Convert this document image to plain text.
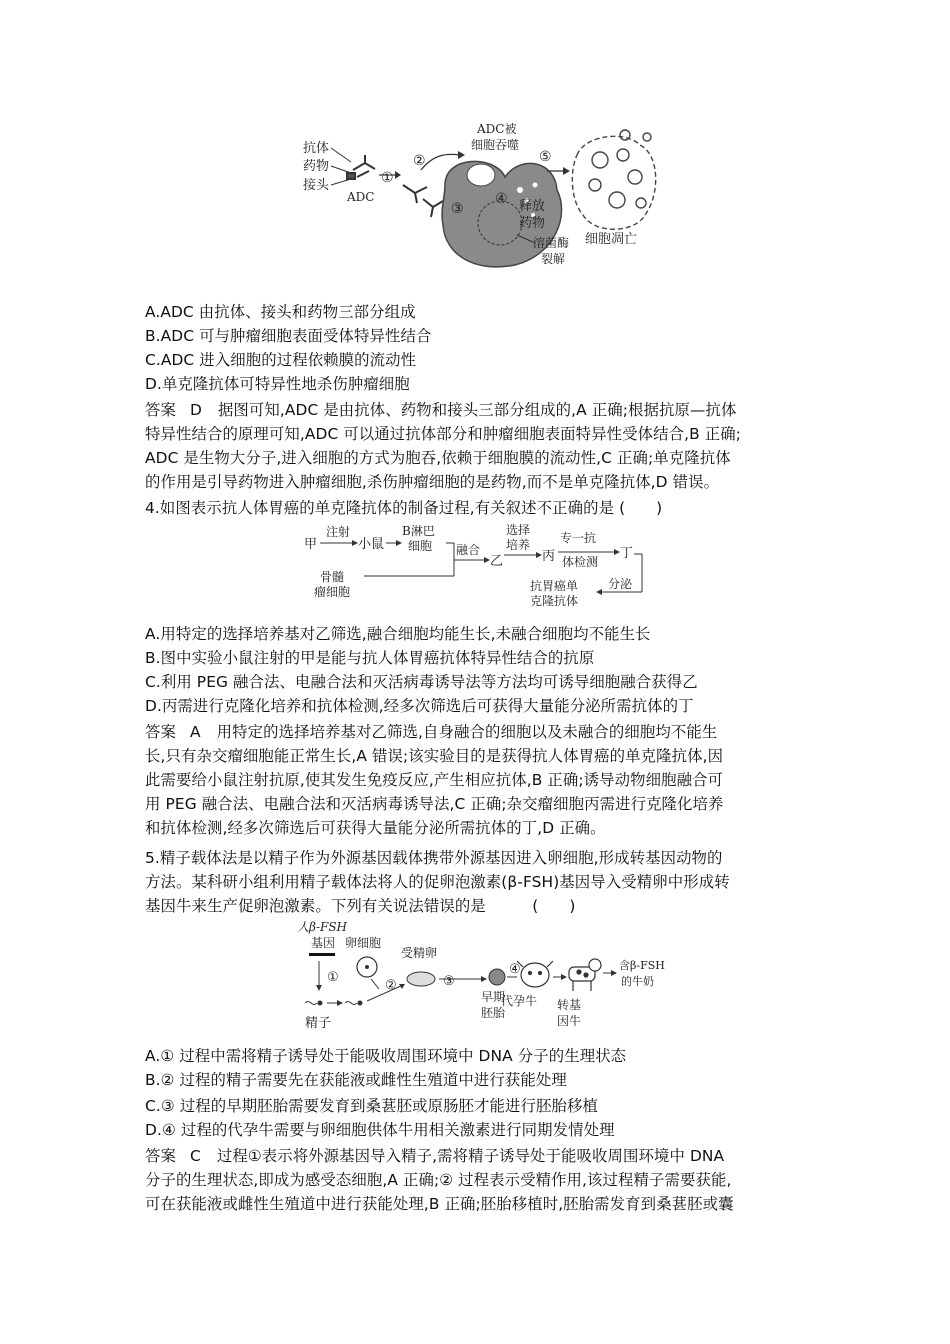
抗体
药物
接头
ADC
①
②
③
④ 释放
药物
ADC被
细胞吞噬
溶菌酶
裂解
⑤
细胞凋亡
A.ADC 由抗体、接头和药物三部分组成
B.ADC 可与肿瘤细胞表面受体特异性结合
C.ADC 进入细胞的过程依赖膜的流动性
D.单克隆抗体可特异性地杀伤肿瘤细胞
答案 D 据图可知,ADC 是由抗体、药物和接头三部分组成的,A 正确;根据抗原—抗体
特异性结合的原理可知,ADC 可以通过抗体部分和肿瘤细胞表面特异性受体结合,B 正确;
ADC 是生物大分子,进入细胞的方式为胞吞,依赖于细胞膜的流动性,C 正确;单克隆抗体
的作用是引导药物进入肿瘤细胞,杀伤肿瘤细胞的是药物,而不是单克隆抗体,D 错误。
4.如图表示抗人体胃癌的单克隆抗体的制备过程,有关叙述不正确的是 (　　)
甲
注射
小鼠
B淋巴
细胞 融合
乙
选择
培养
丙
专一抗
体检测
丁
分泌
抗胃癌单
克隆抗体
骨髓
瘤细胞
A.用特定的选择培养基对乙筛选,融合细胞均能生长,未融合细胞均不能生长
B.图中实验小鼠注射的甲是能与抗人体胃癌抗体特异性结合的抗原
C.利用 PEG 融合法、电融合法和灭活病毒诱导法等方法均可诱导细胞融合获得乙
D.丙需进行克隆化培养和抗体检测,经多次筛选后可获得大量能分泌所需抗体的丁
答案 A 用特定的选择培养基对乙筛选,自身融合的细胞以及未融合的细胞均不能生
长,只有杂交瘤细胞能正常生长,A 错误;该实验目的是获得抗人体胃癌的单克隆抗体,因
此需要给小鼠注射抗原,使其发生免疫反应,产生相应抗体,B 正确;诱导动物细胞融合可
用 PEG 融合法、电融合法和灭活病毒诱导法,C 正确;杂交瘤细胞丙需进行克隆化培养
和抗体检测,经多次筛选后可获得大量能分泌所需抗体的丁,D 正确。
5.精子载体法是以精子作为外源基因载体携带外源基因进入卵细胞,形成转基因动物的
方法。某科研小组利用精子载体法将人的促卵泡激素(β-FSH)基因导入受精卵中形成转
基因牛来生产促卵泡激素。下列有关说法错误的是　　　(　　)
人β-FSH
基因
①
卵细胞
②
受精卵
③
早期
胚胎
④
代孕牛 转基
因牛
含β-FSH
的牛奶
精子
A.① 过程中需将精子诱导处于能吸收周围环境中 DNA 分子的生理状态
B.② 过程的精子需要先在获能液或雌性生殖道中进行获能处理
C.③ 过程的早期胚胎需要发育到桑葚胚或原肠胚才能进行胚胎移植
D.④ 过程的代孕牛需要与卵细胞供体牛用相关激素进行同期发情处理
答案 C 过程①表示将外源基因导入精子,需将精子诱导处于能吸收周围环境中 DNA
分子的生理状态,即成为感受态细胞,A 正确;② 过程表示受精作用,该过程精子需要获能,
可在获能液或雌性生殖道中进行获能处理,B 正确;胚胎移植时,胚胎需发育到桑葚胚或囊
